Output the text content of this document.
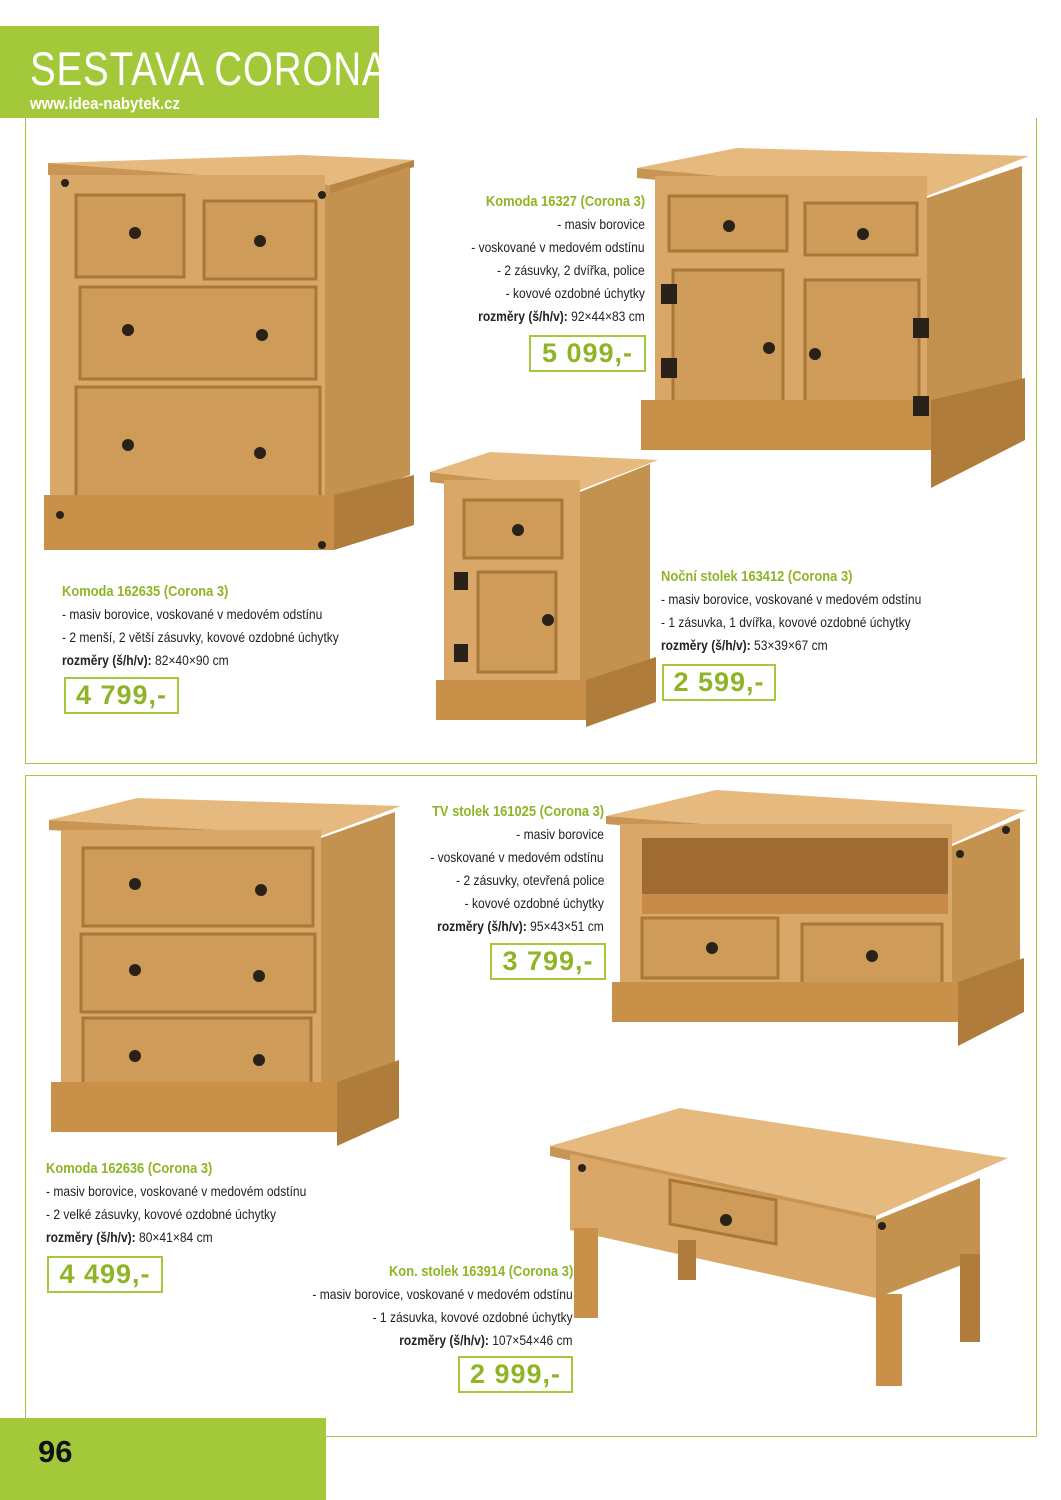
SESTAVA CORONA
www.idea-nabytek.cz
Komoda 16327 (Corona 3)
- masiv borovice
- voskované v medovém odstínu
- 2 zásuvky, 2 dvířka, police
- kovové ozdobné úchytky
rozměry (š/h/v): 92×44×83 cm
5 099,-
Komoda 162635 (Corona 3)
- masiv borovice, voskované v medovém odstínu
- 2 menší, 2 větší zásuvky, kovové ozdobné úchytky
rozměry (š/h/v): 82×40×90 cm
4 799,-
Noční stolek 163412 (Corona 3)
- masiv borovice, voskované v medovém odstínu
- 1 zásuvka, 1 dvířka, kovové ozdobné úchytky
rozměry (š/h/v): 53×39×67 cm
2 599,-
TV stolek 161025 (Corona 3)
- masiv borovice
- voskované v medovém odstínu
- 2 zásuvky, otevřená police
- kovové ozdobné úchytky
rozměry (š/h/v): 95×43×51 cm
3 799,-
Komoda 162636 (Corona 3)
- masiv borovice, voskované v medovém odstínu
- 2 velké zásuvky, kovové ozdobné úchytky
rozměry (š/h/v): 80×41×84 cm
4 499,-	Kon. stolek 163914 (Corona 3)
- masiv borovice, voskované v medovém odstínu
- 1 zásuvka, kovové ozdobné úchytky
rozměry (š/h/v): 107×54×46 cm
2 999,-
96
